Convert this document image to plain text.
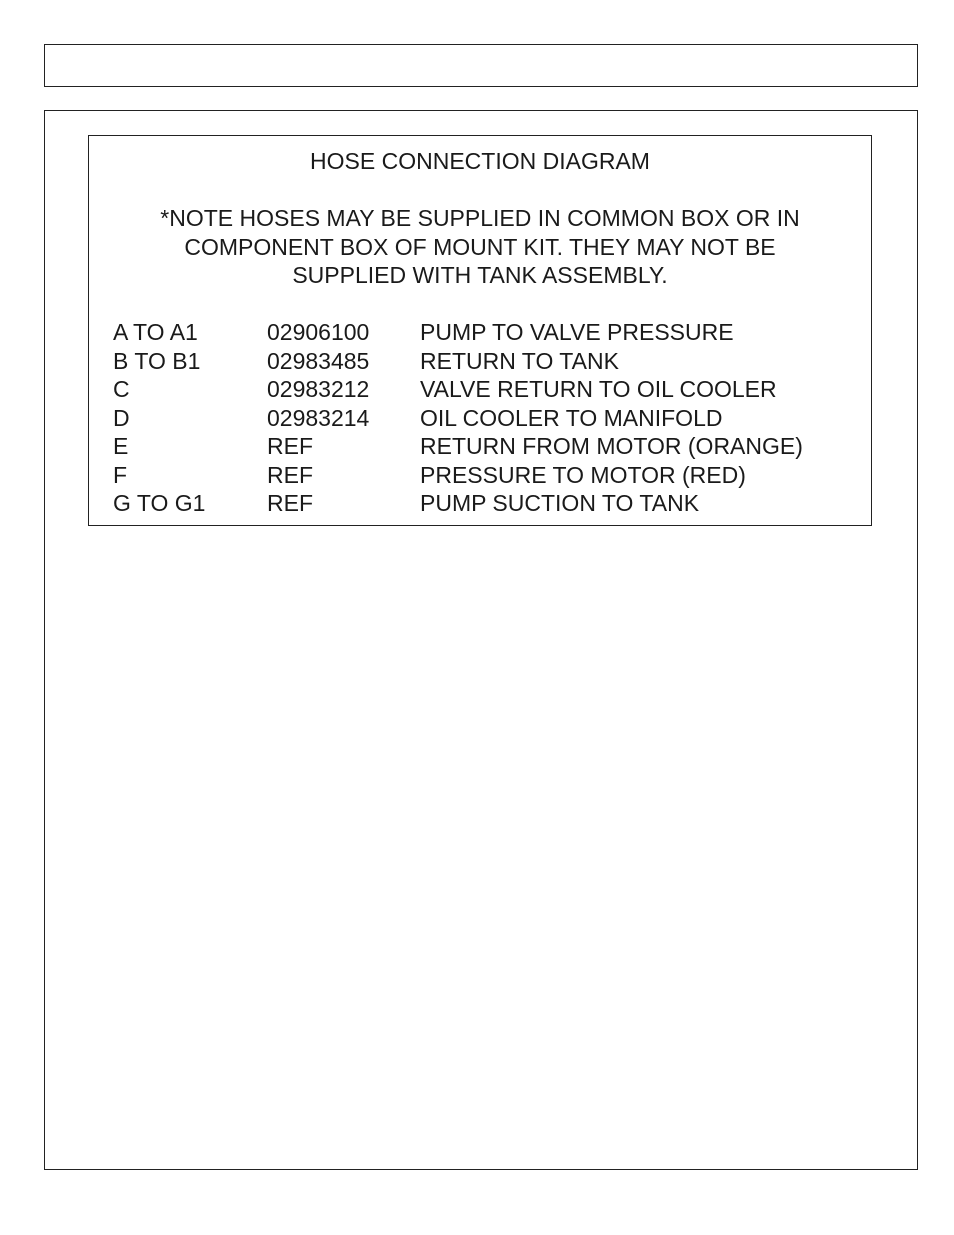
HOSE CONNECTION DIAGRAM
*NOTE HOSES MAY BE SUPPLIED IN COMMON BOX OR IN
COMPONENT BOX OF MOUNT KIT. THEY MAY NOT BE
SUPPLIED WITH TANK ASSEMBLY.
A TO A1	02906100 PUMP TO VALVE PRESSURE
B TO B1	02983485 RETURN TO TANK
C	02983212 VALVE RETURN TO OIL COOLER
D	02983214 OIL COOLER TO MANIFOLD
E	REF	RETURN FROM MOTOR (ORANGE)
F	REF	PRESSURE TO MOTOR (RED)
G TO G1	REF	PUMP SUCTION TO TANK
